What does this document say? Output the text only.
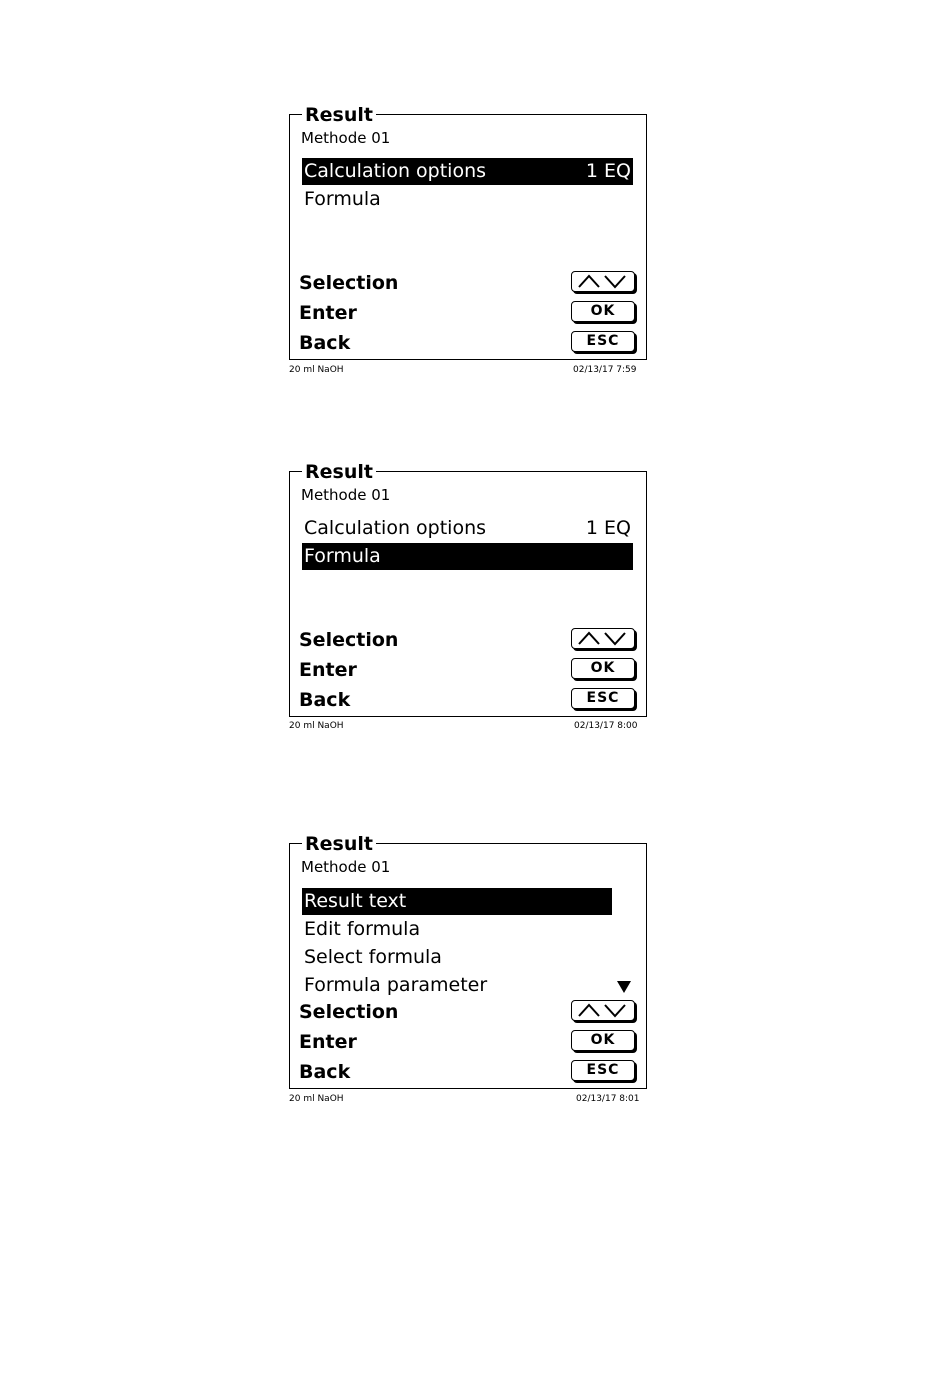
Result
Methode 01
Calculation options	1 EQ
Formula
Selection
Enter	OK
Back	ESC
20 ml NaOH	02/13/17 7:59
Result
Methode 01
Calculation options	1 EQ
Formula
Selection
Enter	OK
Back	ESC
20 ml NaOH	02/13/17 8:00
Result
Methode 01
Result text
Edit formula
Select formula
Formula parameter
Selection
Enter	OK
Back	ESC
20 ml NaOH	02/13/17 8:01
